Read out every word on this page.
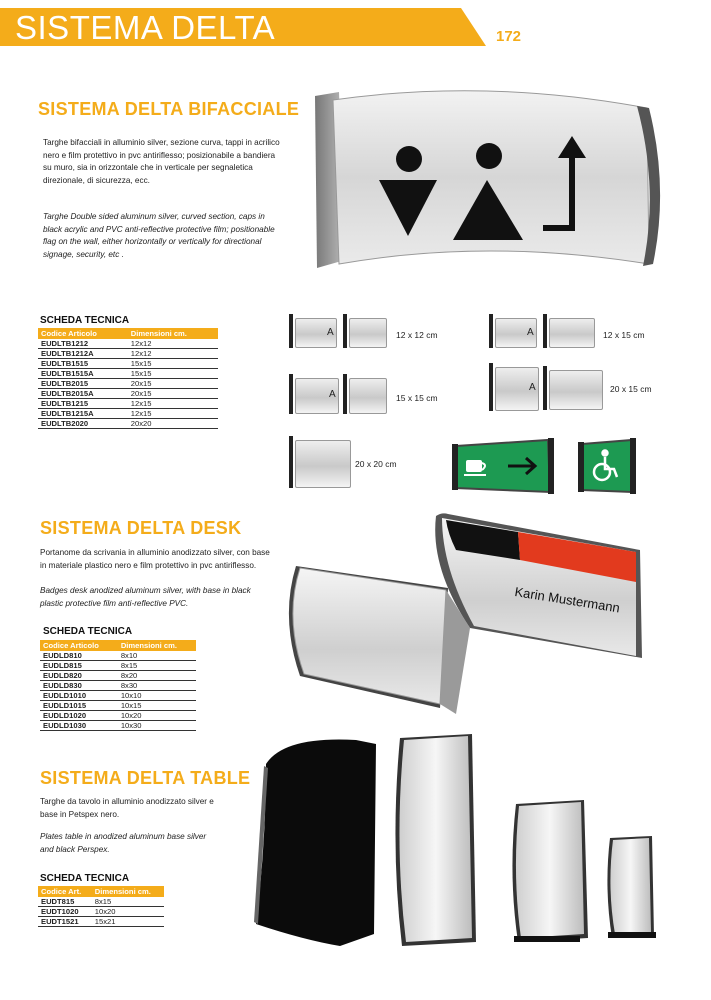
SISTEMA DELTA	172
SISTEMA DELTA BIFACCIALE
Targhe bifacciali in alluminio silver, sezione curva, tappi in acrilico nero e film protettivo in pvc antiriflesso; posizionabile a bandiera su muro, sia in orizzontale che in verticale per segnaletica direzionale, di sicurezza, ecc.
Targhe Double sided aluminum silver, curved section, caps in black acrylic and PVC anti-reflective protective film; positionable flag on the wall, either horizontally or vertically for directional signage, security, etc .
SCHEDA TECNICA
Codice Articolo	Dimensioni cm.
EUDLTB1212	12x12
EUDLTB1212A	12x12
EUDLTB1515	15x15
EUDLTB1515A	15x15
EUDLTB2015	20x15
EUDLTB2015A	20x15
EUDLTB1215	12x15
EUDLTB1215A	12x15
EUDLTB2020	20x20
A	12 x 12 cm	A	12 x 15 cm
A	15 x 15 cm
A	20 x 15 cm
20 x 20 cm
SISTEMA DELTA DESK
Portanome da scrivania in alluminio anodizzato silver, con base in materiale plastico nero e film protettivo in pvc antiriflesso.
Badges desk anodized aluminum silver, with base in black plastic protective film anti-reflective PVC.
SCHEDA TECNICA
Codice Articolo	Dimensioni cm.
EUDLD810	8x10
EUDLD815	8x15
EUDLD820	8x20
EUDLD830	8x30
EUDLD1010	10x10
EUDLD1015	10x15
EUDLD1020	10x20
EUDLD1030	10x30
Karin Mustermann
SISTEMA DELTA TABLE
Targhe da tavolo in alluminio anodizzato silver e base in Petspex nero.
Plates table in anodized aluminum base silver and black Perspex.
SCHEDA TECNICA
Codice Art.	Dimensioni cm.
EUDT815	8x15
EUDT1020	10x20
EUDT1521	15x21
